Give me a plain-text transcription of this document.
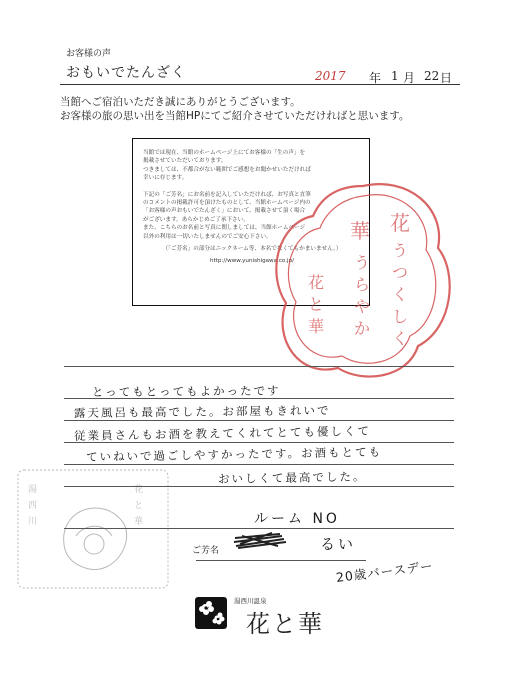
お客様の声
おもいでたんざく	2017 年 1 月 22 日
当館へご宿泊いただき誠にありがとうございます。
お客様の旅の思い出を当館HPにてご紹介させていただければと思います。

当館では現在、当館のホームページ上にてお客様の「生の声」を

掲載させていただいております。

つきましては、不都合がない範囲でご感想をお聞かせいただければ

幸いに存じます。

下記の「ご芳名」にお名前を記入していただければ、お写真と直筆

のコメントの掲載許可を頂けたものとして、当館ホームページ内の

「お客様の声おもいでたんざく」において、掲載させて頂く場合

がございます。あらかじめご了承下さい。

また、こちらのお名前と写真に関しましては、当館ホームページ

以外の利用は一切いたしませんのでご安心下さい。

（「ご芳名」の部分はニックネーム等、本名でなくてもかまいません。）

http://www.yunishigawa.co.jp/

花
う
つ
く
し
く
華
う
ら
や
か
花
と
華
湯
西
川
花
と
華
とってもとってもよかったです
露天風呂も最高でした。お部屋もきれいで
従業員さんもお酒を教えてくれてとても優しくて
ていねいで過ごしやすかったです。お酒もとても
おいしくて最高でした。
ルーム NO
ご芳名	るい
20歳バースデー
湯西川温泉
花と華
